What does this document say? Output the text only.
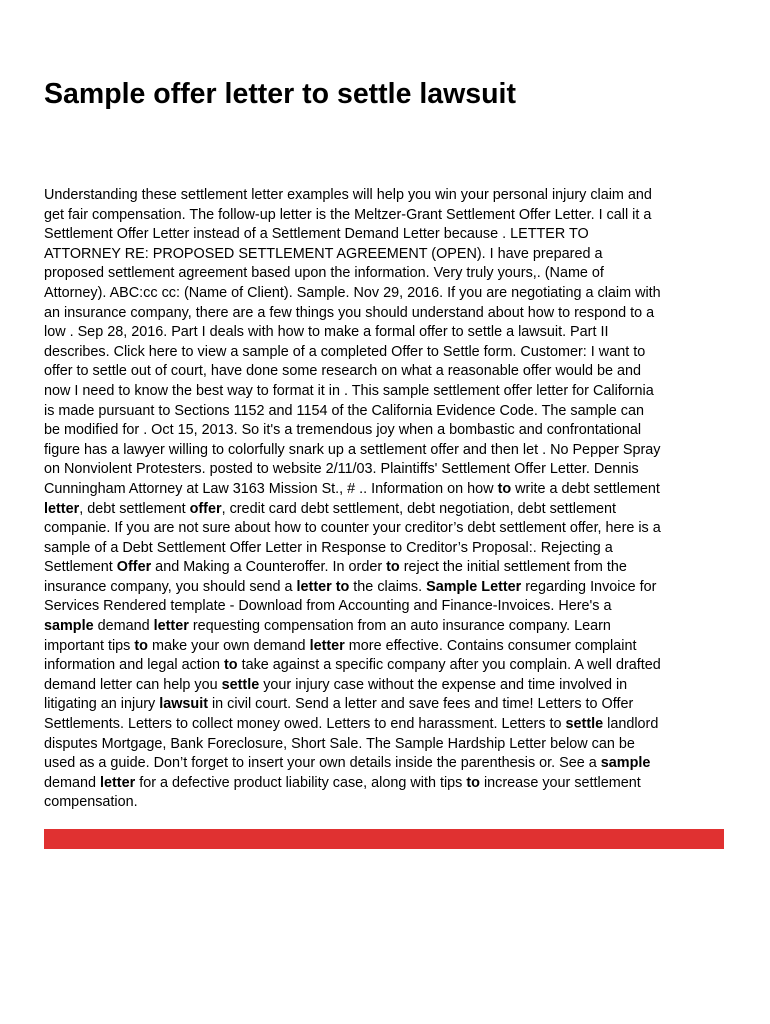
Sample offer letter to settle lawsuit
Understanding these settlement letter examples will help you win your personal injury claim and
get fair compensation. The follow-up letter is the Meltzer-Grant Settlement Offer Letter. I call it a
Settlement Offer Letter instead of a Settlement Demand Letter because . LETTER TO
ATTORNEY RE: PROPOSED SETTLEMENT AGREEMENT (OPEN). I have prepared a
proposed settlement agreement based upon the information. Very truly yours,. (Name of
Attorney). ABC:cc cc: (Name of Client). Sample. Nov 29, 2016. If you are negotiating a claim with
an insurance company, there are a few things you should understand about how to respond to a
low . Sep 28, 2016. Part I deals with how to make a formal offer to settle a lawsuit. Part II
describes. Click here to view a sample of a completed Offer to Settle form. Customer: I want to
offer to settle out of court, have done some research on what a reasonable offer would be and
now I need to know the best way to format it in . This sample settlement offer letter for California
is made pursuant to Sections 1152 and 1154 of the California Evidence Code. The sample can
be modified for . Oct 15, 2013. So it's a tremendous joy when a bombastic and confrontational
figure has a lawyer willing to colorfully snark up a settlement offer and then let . No Pepper Spray
on Nonviolent Protesters. posted to website 2/11/03. Plaintiffs' Settlement Offer Letter. Dennis
Cunningham Attorney at Law 3163 Mission St., # .. Information on how to write a debt settlement
letter, debt settlement offer, credit card debt settlement, debt negotiation, debt settlement
companie. If you are not sure about how to counter your creditor’s debt settlement offer, here is a
sample of a Debt Settlement Offer Letter in Response to Creditor’s Proposal:. Rejecting a
Settlement Offer and Making a Counteroffer. In order to reject the initial settlement from the
insurance company, you should send a letter to the claims. Sample Letter regarding Invoice for
Services Rendered template - Download from Accounting and Finance-Invoices. Here's a
sample demand letter requesting compensation from an auto insurance company. Learn
important tips to make your own demand letter more effective. Contains consumer complaint
information and legal action to take against a specific company after you complain. A well drafted
demand letter can help you settle your injury case without the expense and time involved in
litigating an injury lawsuit in civil court. Send a letter and save fees and time! Letters to Offer
Settlements. Letters to collect money owed. Letters to end harassment. Letters to settle landlord
disputes Mortgage, Bank Foreclosure, Short Sale. The Sample Hardship Letter below can be
used as a guide. Don’t forget to insert your own details inside the parenthesis or. See a sample
demand letter for a defective product liability case, along with tips to increase your settlement
compensation.
